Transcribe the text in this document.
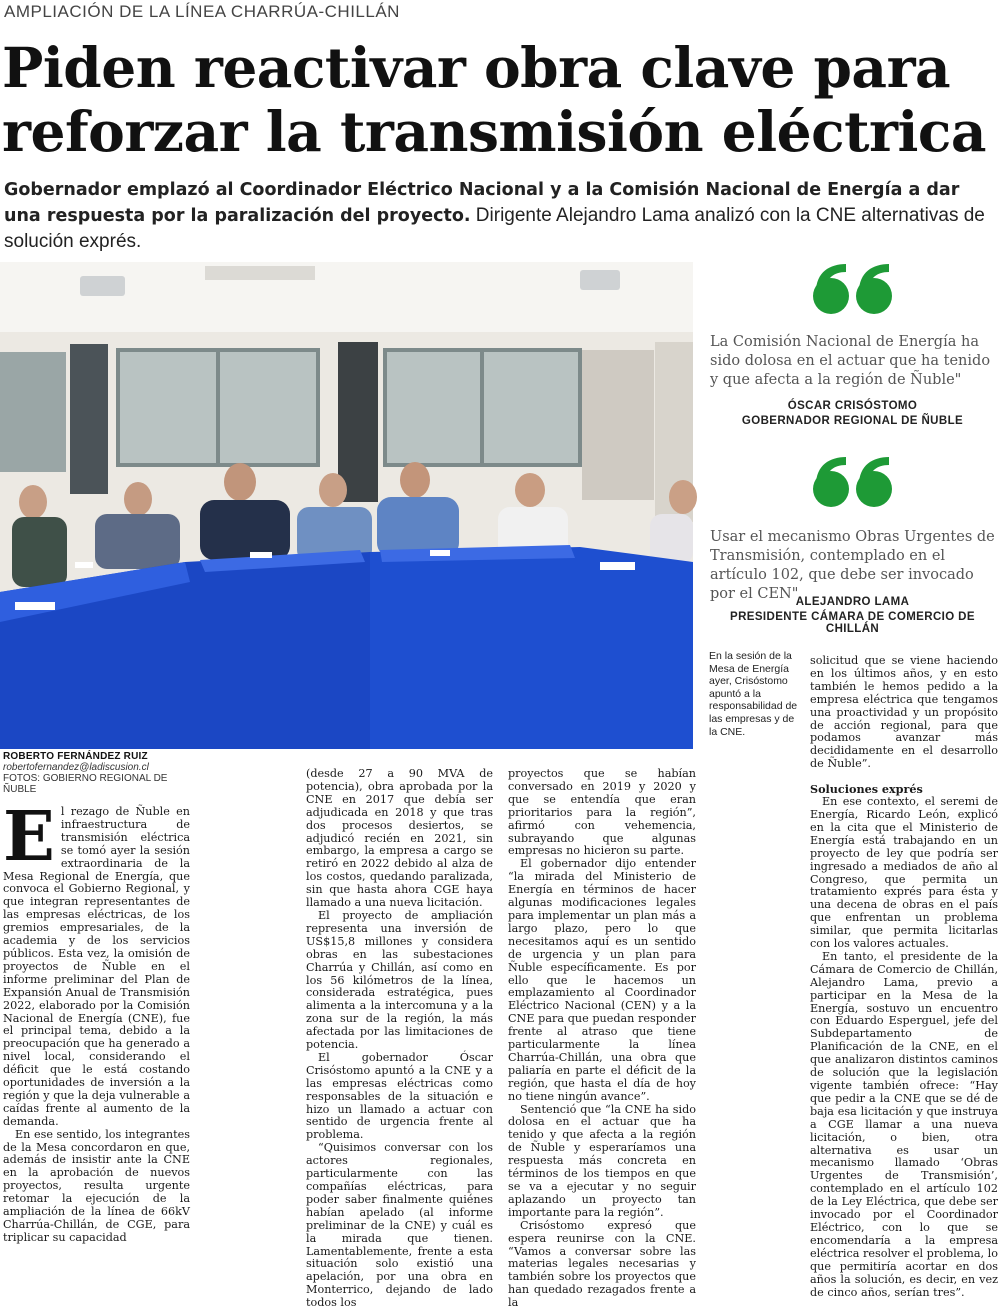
AMPLIACIÓN DE LA LÍNEA CHARRÚA-CHILLÁN
Piden reactivar obra clave para
reforzar la transmisión eléctrica
Gobernador emplazó al Coordinador Eléctrico Nacional y a la Comisión Nacional de Energía a dar una respuesta por la paralización del proyecto. Dirigente Alejandro Lama analizó con la CNE alternativas de solución exprés.
La Comisión Nacional de Energía ha sido dolosa en el actuar que ha tenido y que afecta a la región de Ñuble"
ÓSCAR CRISÓSTOMO
GOBERNADOR REGIONAL DE ÑUBLE
Usar el mecanismo Obras Urgentes de Transmisión, contemplado en el artículo 102, que debe ser invocado por el CEN"
ALEJANDRO LAMA
PRESIDENTE CÁMARA DE COMERCIO DE CHILLÁN
En la sesión de la Mesa de Energía ayer, Crisóstomo apuntó a la responsabilidad de las empresas y de la CNE.
ROBERTO FERNÁNDEZ RUIZ
robertofernandez@ladiscusion.cl
FOTOS: GOBIERNO REGIONAL DE ÑUBLE

El rezago de Ñuble en infraestructura de transmisión eléctrica se tomó ayer la sesión extraordinaria de la Mesa Regional de Energía, que convoca el Gobierno Regional, y que integran representantes de las empresas eléctricas, de los gremios empresariales, de la academia y de los servicios públicos. Esta vez, la omisión de proyectos de Ñuble en el informe preliminar del Plan de Expansión Anual de Transmisión 2022, elaborado por la Comisión Nacional de Energía (CNE), fue el principal tema, debido a la preocupación que ha generado a nivel local, considerando el déficit que le está costando oportunidades de inversión a la región y que la deja vulnerable a caídas frente al aumento de la demanda.

En ese sentido, los integrantes de la Mesa concordaron en que, además de insistir ante la CNE en la aprobación de nuevos proyectos, resulta urgente retomar la ejecución de la ampliación de la línea de 66kV Charrúa-Chillán, de CGE, para triplicar su capacidad

(desde 27 a 90 MVA de potencia), obra aprobada por la CNE en 2017 que debía ser adjudicada en 2018 y que tras dos procesos desiertos, se adjudicó recién en 2021, sin embargo, la empresa a cargo se retiró en 2022 debido al alza de los costos, quedando paralizada, sin que hasta ahora CGE haya llamado a una nueva licitación.

El proyecto de ampliación representa una inversión de US$15,8 millones y considera obras en las subestaciones Charrúa y Chillán, así como en los 56 kilómetros de la línea, considerada estratégica, pues alimenta a la intercomuna y a la zona sur de la región, la más afectada por las limitaciones de potencia.

El gobernador Óscar Crisóstomo apuntó a la CNE y a las empresas eléctricas como responsables de la situación e hizo un llamado a actuar con sentido de urgencia frente al problema.

“Quisimos conversar con los actores regionales, particularmente con las compañías eléctricas, para poder saber finalmente quiénes habían apelado (al informe preliminar de la CNE) y cuál es la mirada que tienen. Lamentablemente, frente a esta situación solo existió una apelación, por una obra en Monterrico, dejando de lado todos los

proyectos que se habían conversado en 2019 y 2020 y que se entendía que eran prioritarios para la región”, afirmó con vehemencia, subrayando que algunas empresas no hicieron su parte.

El gobernador dijo entender “la mirada del Ministerio de Energía en términos de hacer algunas modificaciones legales para implementar un plan más a largo plazo, pero lo que necesitamos aquí es un sentido de urgencia y un plan para Ñuble específicamente. Es por ello que le hacemos un emplazamiento al Coordinador Eléctrico Nacional (CEN) y a la CNE para que puedan responder frente al atraso que tiene particularmente la línea Charrúa-Chillán, una obra que paliaría en parte el déficit de la región, que hasta el día de hoy no tiene ningún avance”.

Sentenció que “la CNE ha sido dolosa en el actuar que ha tenido y que afecta a la región de Ñuble y esperaríamos una respuesta más concreta en términos de los tiempos en que se va a ejecutar y no seguir aplazando un proyecto tan importante para la región”.

Crisóstomo expresó que espera reunirse con la CNE. “Vamos a conversar sobre las materias legales necesarias y también sobre los proyectos que han quedado rezagados frente a la

solicitud que se viene haciendo en los últimos años, y en esto también le hemos pedido a la empresa eléctrica que tengamos una proactividad y un propósito de acción regional, para que podamos avanzar más decididamente en el desarrollo de Ñuble”.

Soluciones exprés

En ese contexto, el seremi de Energía, Ricardo León, explicó en la cita que el Ministerio de Energía está trabajando en un proyecto de ley que podría ser ingresado a mediados de año al Congreso, que permita un tratamiento exprés para ésta y una decena de obras en el país que enfrentan un problema similar, que permita licitarlas con los valores actuales.

En tanto, el presidente de la Cámara de Comercio de Chillán, Alejandro Lama, previo a participar en la Mesa de la Energía, sostuvo un encuentro con Eduardo Esperguel, jefe del Subdepartamento de Planificación de la CNE, en el que analizaron distintos caminos de solución que la legislación vigente también ofrece: “Hay que pedir a la CNE que se dé de baja esa licitación y que instruya a CGE llamar a una nueva licitación, o bien, otra alternativa es usar un mecanismo llamado ‘Obras Urgentes de Transmisión’, contemplado en el artículo 102 de la Ley Eléctrica, que debe ser invocado por el Coordinador Eléctrico, con lo que se encomendaría a la empresa eléctrica resolver el problema, lo que permitiría acortar en dos años la solución, es decir, en vez de cinco años, serían tres”.
